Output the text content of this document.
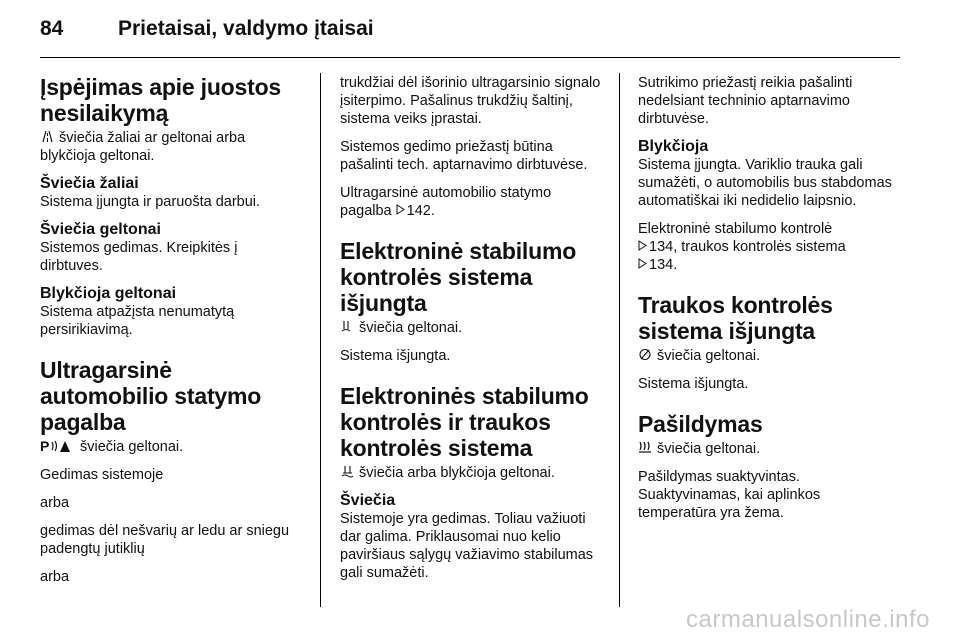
84	Prietaisai, valdymo įtaisai
Įspėjimas apie juostos nesilaikymą

šviečia žaliai ar geltonai arba blykčioja geltonai.

Šviečia žaliai

Sistema įjungta ir paruošta darbui.

Šviečia geltonai

Sistemos gedimas. Kreipkitės į dirbtuves.

Blykčioja geltonai

Sistema atpažįsta nenumatytą persirikiavimą.

Ultragarsinė automobilio statymo pagalba

P šviečia geltonai.

Gedimas sistemoje

arba

gedimas dėl nešvarių ar ledu ar sniegu padengtų jutiklių

arba

trukdžiai dėl išorinio ultragarsinio signalo įsiterpimo. Pašalinus trukdžių šaltinį, sistema veiks įprastai.

Sistemos gedimo priežastį būtina pašalinti tech. aptarnavimo dirbtuvėse.

Ultragarsinė automobilio statymo pagalba 142.

Elektroninė stabilumo kontrolės sistema išjungta

šviečia geltonai.

Sistema išjungta.

Elektroninės stabilumo kontrolės ir traukos kontrolės sistema

šviečia arba blykčioja geltonai.

Šviečia

Sistemoje yra gedimas. Toliau važiuoti dar galima. Priklausomai nuo kelio paviršiaus sąlygų važiavimo stabilumas gali sumažėti.

Sutrikimo priežastį reikia pašalinti nedelsiant techninio aptarnavimo dirbtuvėse.

Blykčioja

Sistema įjungta. Variklio trauka gali sumažėti, o automobilis bus stabdomas automatiškai iki nedidelio laipsnio.

Elektroninė stabilumo kontrolė

134, traukos kontrolės sistema

134.

Traukos kontrolės sistema išjungta

šviečia geltonai.

Sistema išjungta.

Pašildymas

šviečia geltonai.

Pašildymas suaktyvintas. Suaktyvinamas, kai aplinkos temperatūra yra žema.

carmanualsonline.info
